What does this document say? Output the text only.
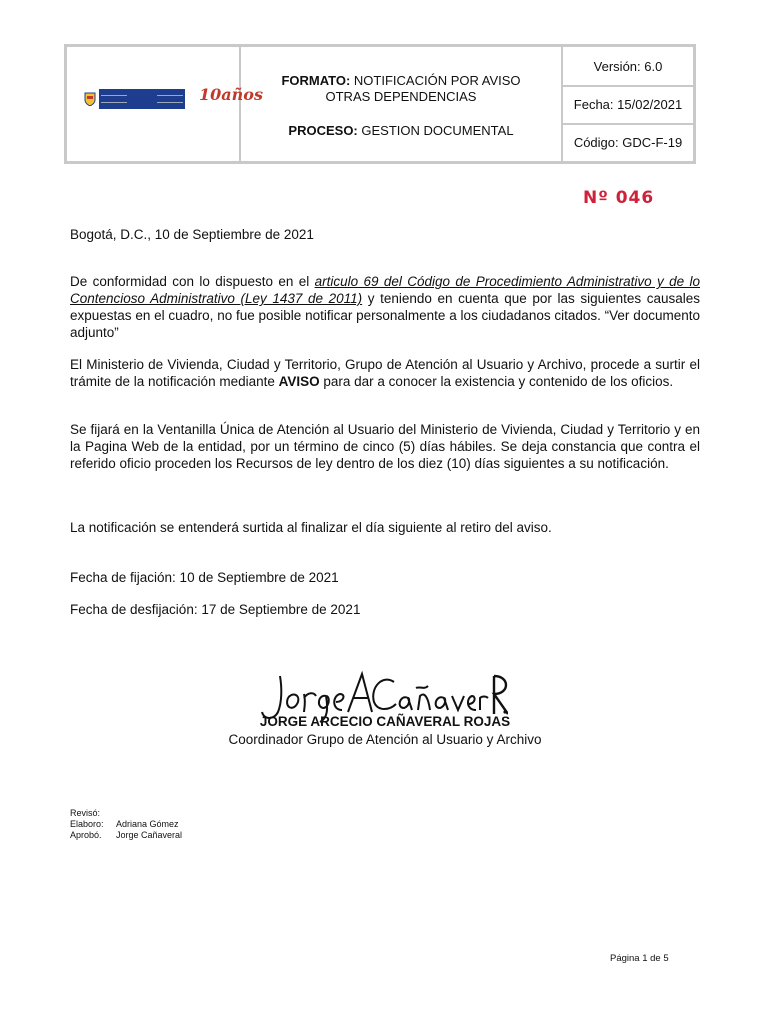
10años
FORMATO: NOTIFICACIÓN POR AVISO
OTRAS DEPENDENCIAS
PROCESO: GESTION DOCUMENTAL
Versión: 6.0
Fecha: 15/02/2021
Código: GDC-F-19
Nº 046
Bogotá, D.C., 10 de Septiembre de 2021
De conformidad con lo dispuesto en el articulo 69 del Código de Procedimiento Administrativo y de lo Contencioso Administrativo (Ley 1437 de 2011) y teniendo en cuenta que por las siguientes causales expuestas en el cuadro, no fue posible notificar personalmente a los ciudadanos citados. “Ver documento adjunto”
El Ministerio de Vivienda, Ciudad y Territorio, Grupo de Atención al Usuario y Archivo, procede a surtir el trámite de la notificación mediante AVISO para dar a conocer la existencia y contenido de los oficios.
Se fijará en la Ventanilla Única de Atención al Usuario del Ministerio de Vivienda, Ciudad y Territorio y en la Pagina Web de la entidad, por un término de cinco (5) días hábiles. Se deja constancia que contra el referido oficio proceden los Recursos de ley dentro de los diez (10) días siguientes a su notificación.
La notificación se entenderá surtida al finalizar el día siguiente al retiro del aviso.
Fecha de fijación: 10 de Septiembre de 2021
Fecha de desfijación: 17 de Septiembre de 2021
JORGE ARCECIO CAÑAVERAL ROJAS
Coordinador Grupo de Atención al Usuario y Archivo
Revisó:
Elaboro: Adriana Gómez
Aprobó. Jorge Cañaveral
Página 1 de 5
